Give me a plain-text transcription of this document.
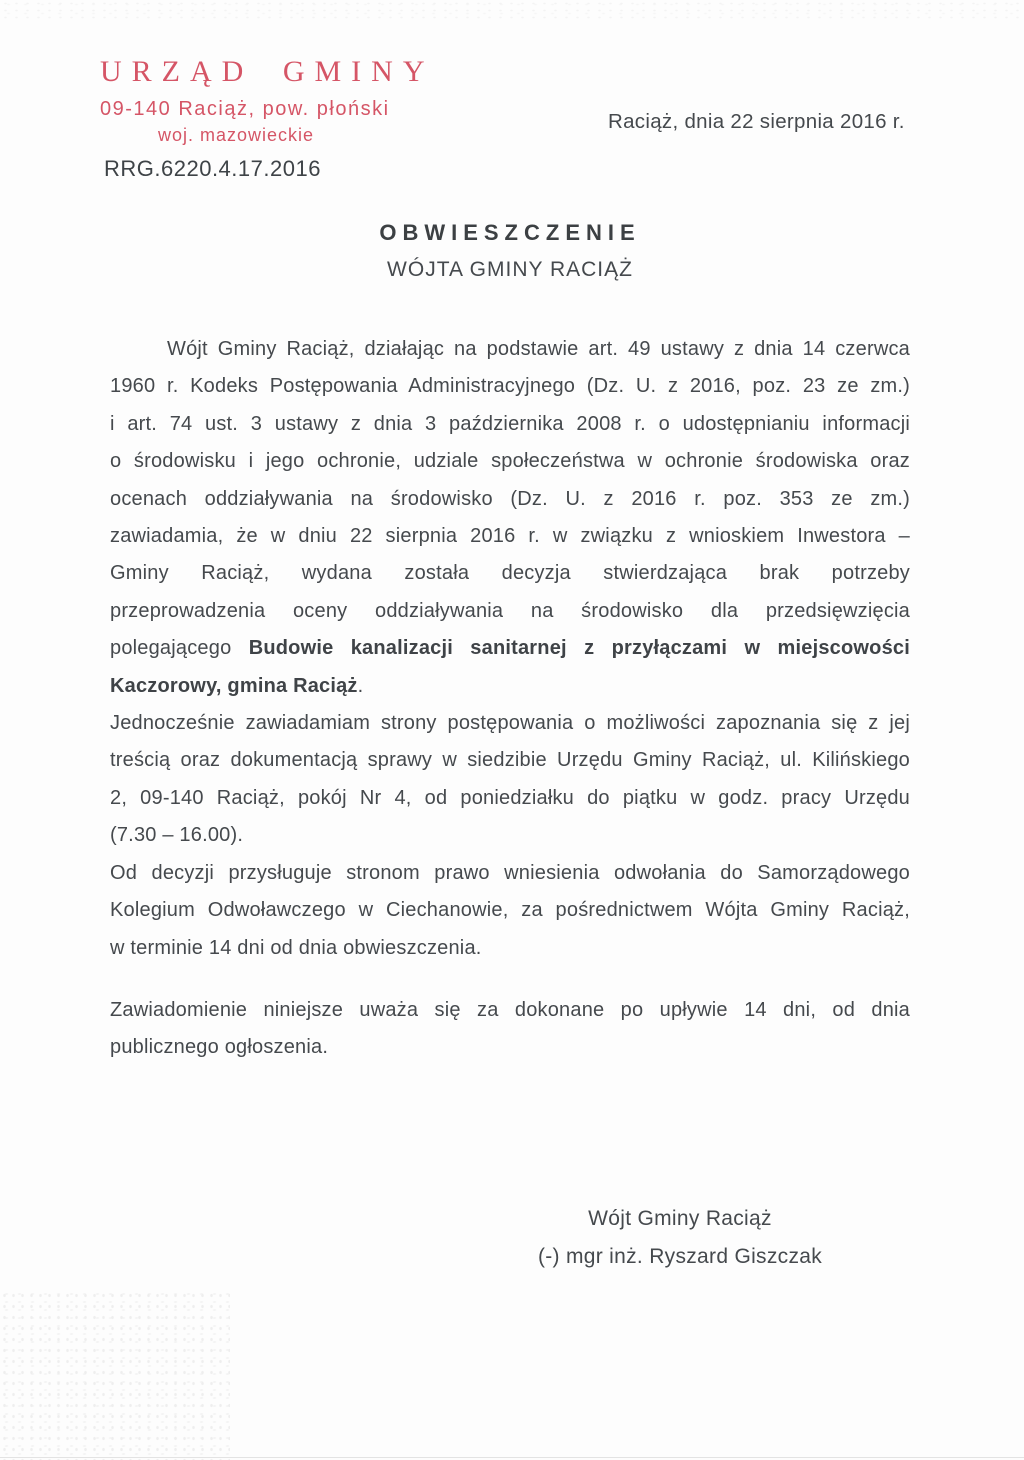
URZĄD GMINY
09-140 Raciąż, pow. płoński
woj. mazowieckie
RRG.6220.4.17.2016
Raciąż, dnia 22 sierpnia 2016 r.
OBWIESZCZENIE
WÓJTA GMINY RACIĄŻ
Wójt Gminy Raciąż, działając na podstawie art. 49 ustawy z dnia 14 czerwca
1960 r. Kodeks Postępowania Administracyjnego (Dz. U. z 2016, poz. 23 ze zm.)
i art. 74 ust. 3 ustawy z dnia 3 października 2008 r. o udostępnianiu informacji
o środowisku i jego ochronie, udziale społeczeństwa w ochronie środowiska oraz
ocenach oddziaływania na środowisko (Dz. U. z 2016 r. poz. 353 ze zm.)
zawiadamia, że w dniu 22 sierpnia 2016 r. w związku z wnioskiem Inwestora –
Gminy Raciąż, wydana została decyzja stwierdzająca brak potrzeby
przeprowadzenia oceny oddziaływania na środowisko dla przedsięwzięcia
polegającego Budowie kanalizacji sanitarnej z przyłączami w miejscowości
Kaczorowy, gmina Raciąż.
Jednocześnie zawiadamiam strony postępowania o możliwości zapoznania się z jej
treścią oraz dokumentacją sprawy w siedzibie Urzędu Gminy Raciąż, ul. Kilińskiego
2, 09-140 Raciąż, pokój Nr 4, od poniedziałku do piątku w godz. pracy Urzędu
(7.30 – 16.00).
Od decyzji przysługuje stronom prawo wniesienia odwołania do Samorządowego
Kolegium Odwoławczego w Ciechanowie, za pośrednictwem Wójta Gminy Raciąż,
w terminie 14 dni od dnia obwieszczenia.
Zawiadomienie niniejsze uważa się za dokonane po upływie 14 dni, od dnia
publicznego ogłoszenia.
Wójt Gminy Raciąż
(-) mgr inż. Ryszard Giszczak
